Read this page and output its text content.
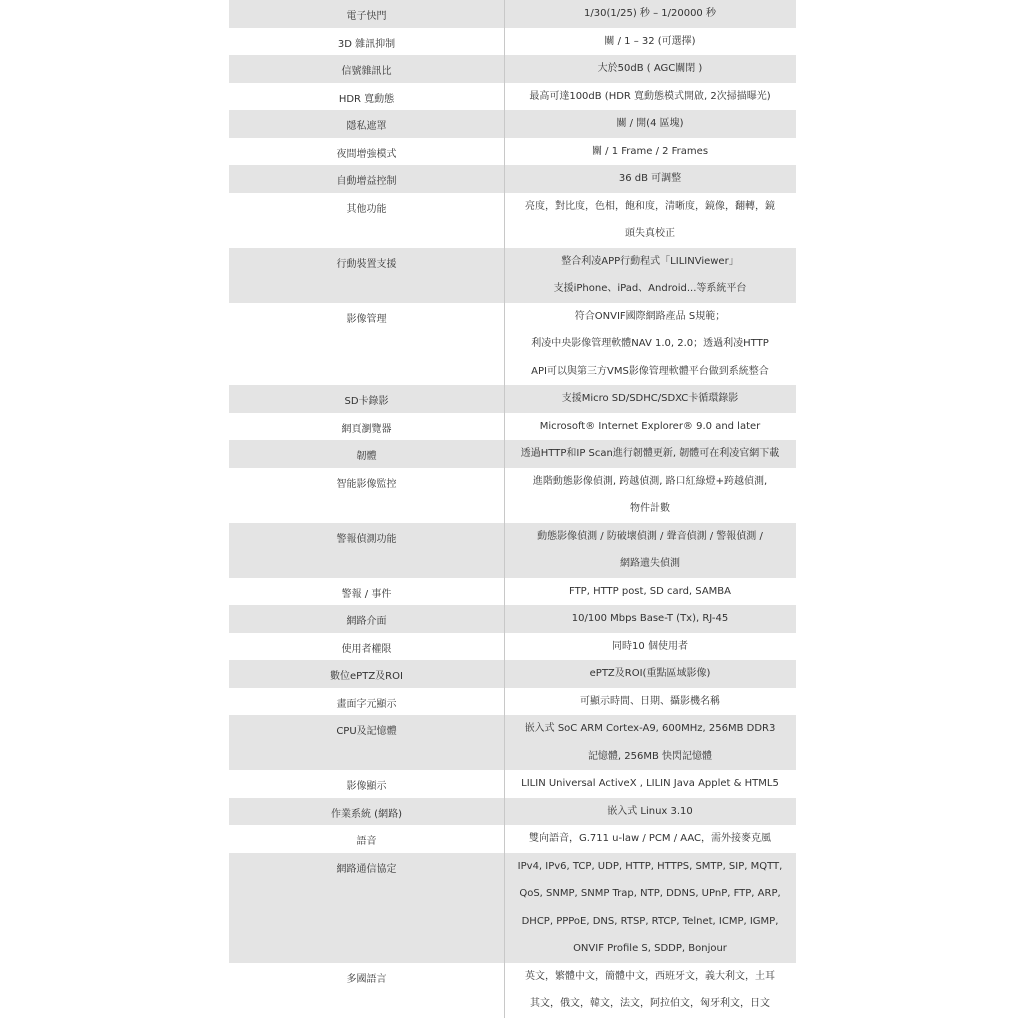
電子快門	1/30(1/25) 秒 – 1/20000 秒
3D 雜訊抑制	關 / 1 – 32 (可選擇)
信號雜訊比	大於50dB ( AGC關閉 )
HDR 寬動態	最高可達100dB (HDR 寬動態模式開啟, 2次掃描曝光)
隱私遮罩	關 / 開(4 區塊)
夜間增強模式	關 / 1 Frame / 2 Frames
自動增益控制	36 dB 可調整
其他功能	亮度，對比度，色相，飽和度，清晰度，鏡像，翻轉，鏡
頭失真校正
行動裝置支援	整合利凌APP行動程式「LILINViewer」
支援iPhone、iPad、Android...等系統平台
影像管理	符合ONVIF國際網路產品 S規範；
利凌中央影像管理軟體NAV 1.0, 2.0；透過利凌HTTP
API可以與第三方VMS影像管理軟體平台做到系統整合
SD卡錄影	支援Micro SD/SDHC/SDXC卡循環錄影
網頁瀏覽器	Microsoft® Internet Explorer® 9.0 and later
韌體	透過HTTP和IP Scan進行韌體更新, 韌體可在利凌官網下載
智能影像監控	進階動態影像偵測, 跨越偵測, 路口紅綠燈+跨越偵測,
物件計數
警報偵測功能	動態影像偵測 / 防破壞偵測 / 聲音偵測 / 警報偵測 /
網路遺失偵測
警報 / 事件	FTP, HTTP post, SD card, SAMBA
網路介面	10/100 Mbps Base-T (Tx), RJ-45
使用者權限	同時10 個使用者
數位ePTZ及ROI	ePTZ及ROI(重點區域影像)
畫面字元顯示	可顯示時間、日期、攝影機名稱
CPU及記憶體	嵌入式 SoC ARM Cortex-A9, 600MHz, 256MB DDR3
記憶體, 256MB 快閃記憶體
影像顯示	LILIN Universal ActiveX , LILIN Java Applet & HTML5
作業系統 (網路)	嵌入式 Linux 3.10
語音	雙向語音，G.711 u-law / PCM / AAC，需外接麥克風
網路通信協定	IPv4, IPv6, TCP, UDP, HTTP, HTTPS, SMTP, SIP, MQTT,
QoS, SNMP, SNMP Trap, NTP, DDNS, UPnP, FTP, ARP,
DHCP, PPPoE, DNS, RTSP, RTCP, Telnet, ICMP, IGMP,
ONVIF Profile S, SDDP, Bonjour
多國語言	英文，繁體中文，簡體中文，西班牙文，義大利文，土耳
其文，俄文，韓文，法文，阿拉伯文，匈牙利文，日文
